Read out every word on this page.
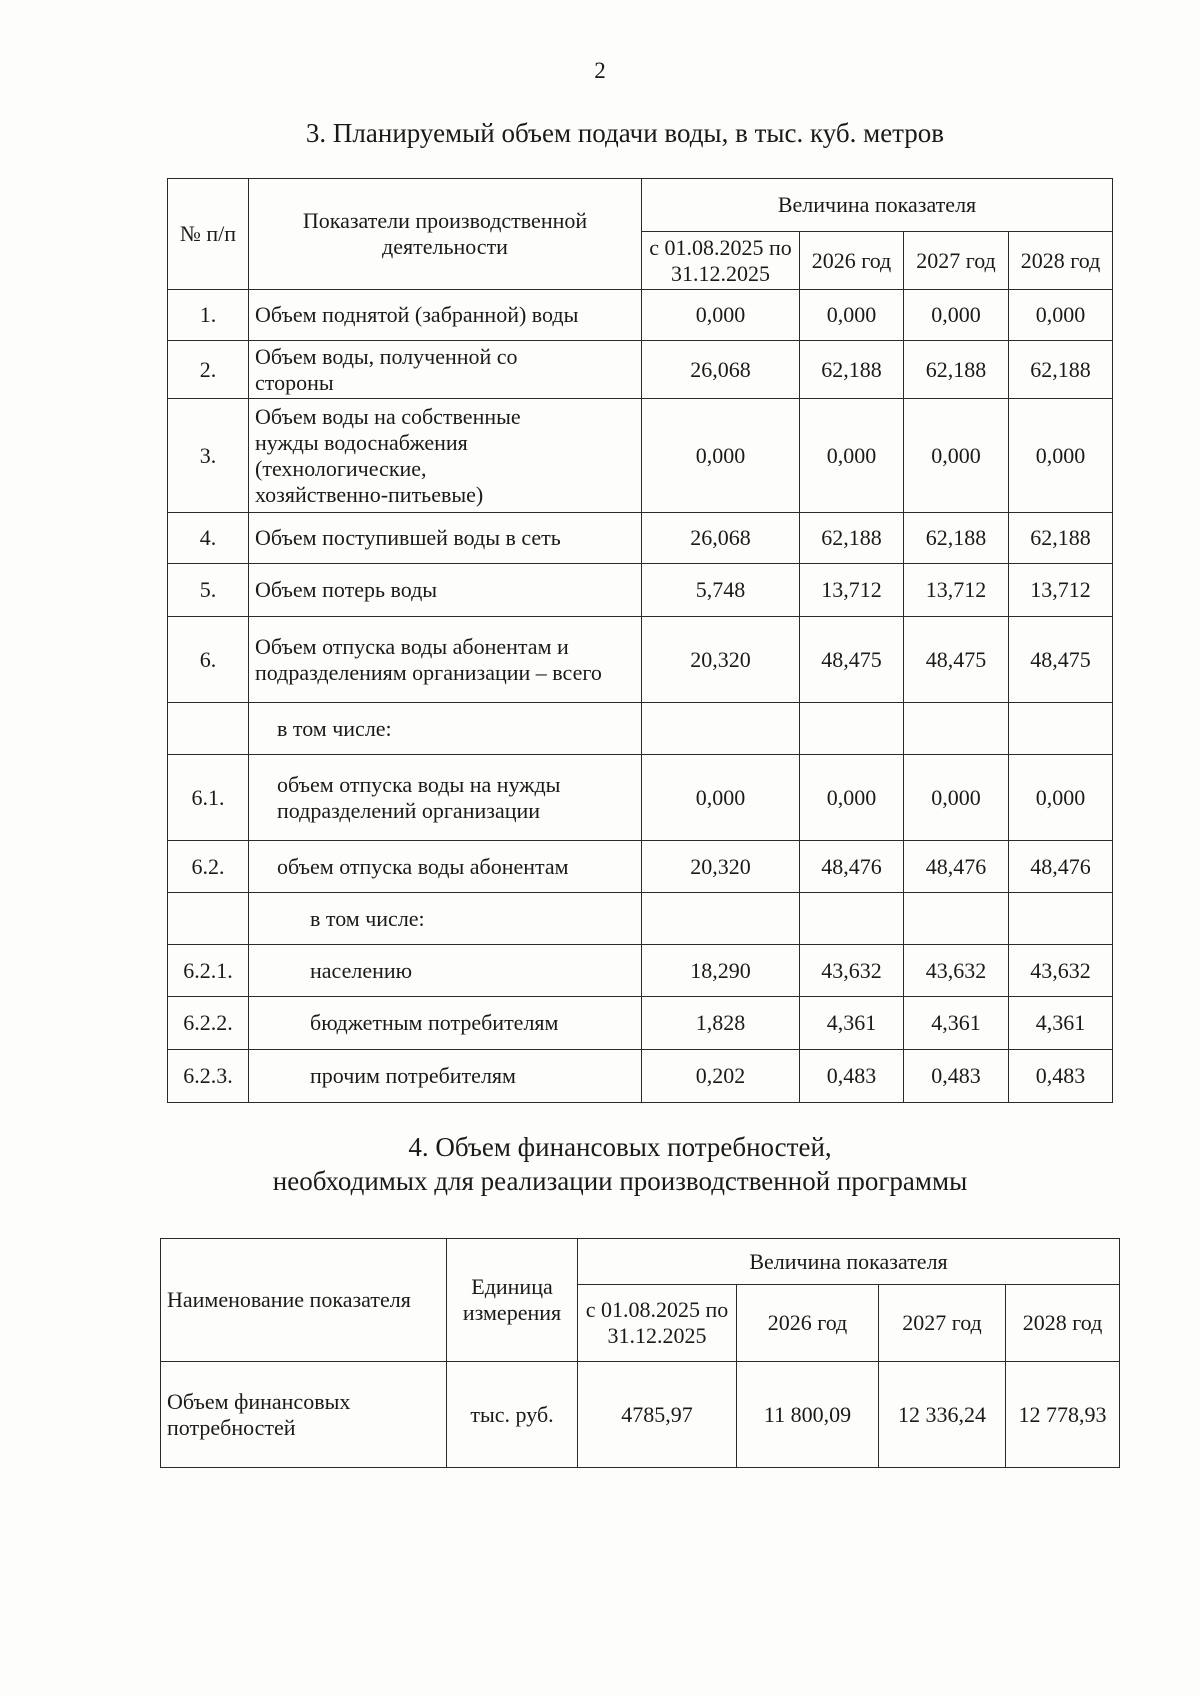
2
3. Планируемый объем подачи воды, в тыс. куб. метров
№ п/п	Показатели производственной деятельности	Величина показателя			
		с 01.08.2025 по 31.12.2025	2026 год	2027 год	2028 год
1.	Объем поднятой (забранной) воды	0,000	0,000	0,000	0,000
2.	Объем воды, полученной со стороны	26,068	62,188	62,188	62,188
3.	Объем воды на собственные нужды водоснабжения (технологические, хозяйственно-питьевые)	0,000	0,000	0,000	0,000
4.	Объем поступившей воды в сеть	26,068	62,188	62,188	62,188
5.	Объем потерь воды	5,748	13,712	13,712	13,712
6.	Объем отпуска воды абонентам и подразделениям организации – всего	20,320	48,475	48,475	48,475
	в том числе:				
6.1.	объем отпуска воды на нужды подразделений организации	0,000	0,000	0,000	0,000
6.2.	объем отпуска воды абонентам	20,320	48,476	48,476	48,476
	в том числе:				
6.2.1.	населению	18,290	43,632	43,632	43,632
6.2.2.	бюджетным потребителям	1,828	4,361	4,361	4,361
6.2.3.	прочим потребителям	0,202	0,483	0,483	0,483
4. Объем финансовых потребностей,
необходимых для реализации производственной программы
Наименование показателя	Единица измерения	Величина показателя			
		с 01.08.2025 по 31.12.2025	2026 год	2027 год	2028 год
Объем финансовых потребностей	тыс. руб.	4785,97	11 800,09	12 336,24	12 778,93
